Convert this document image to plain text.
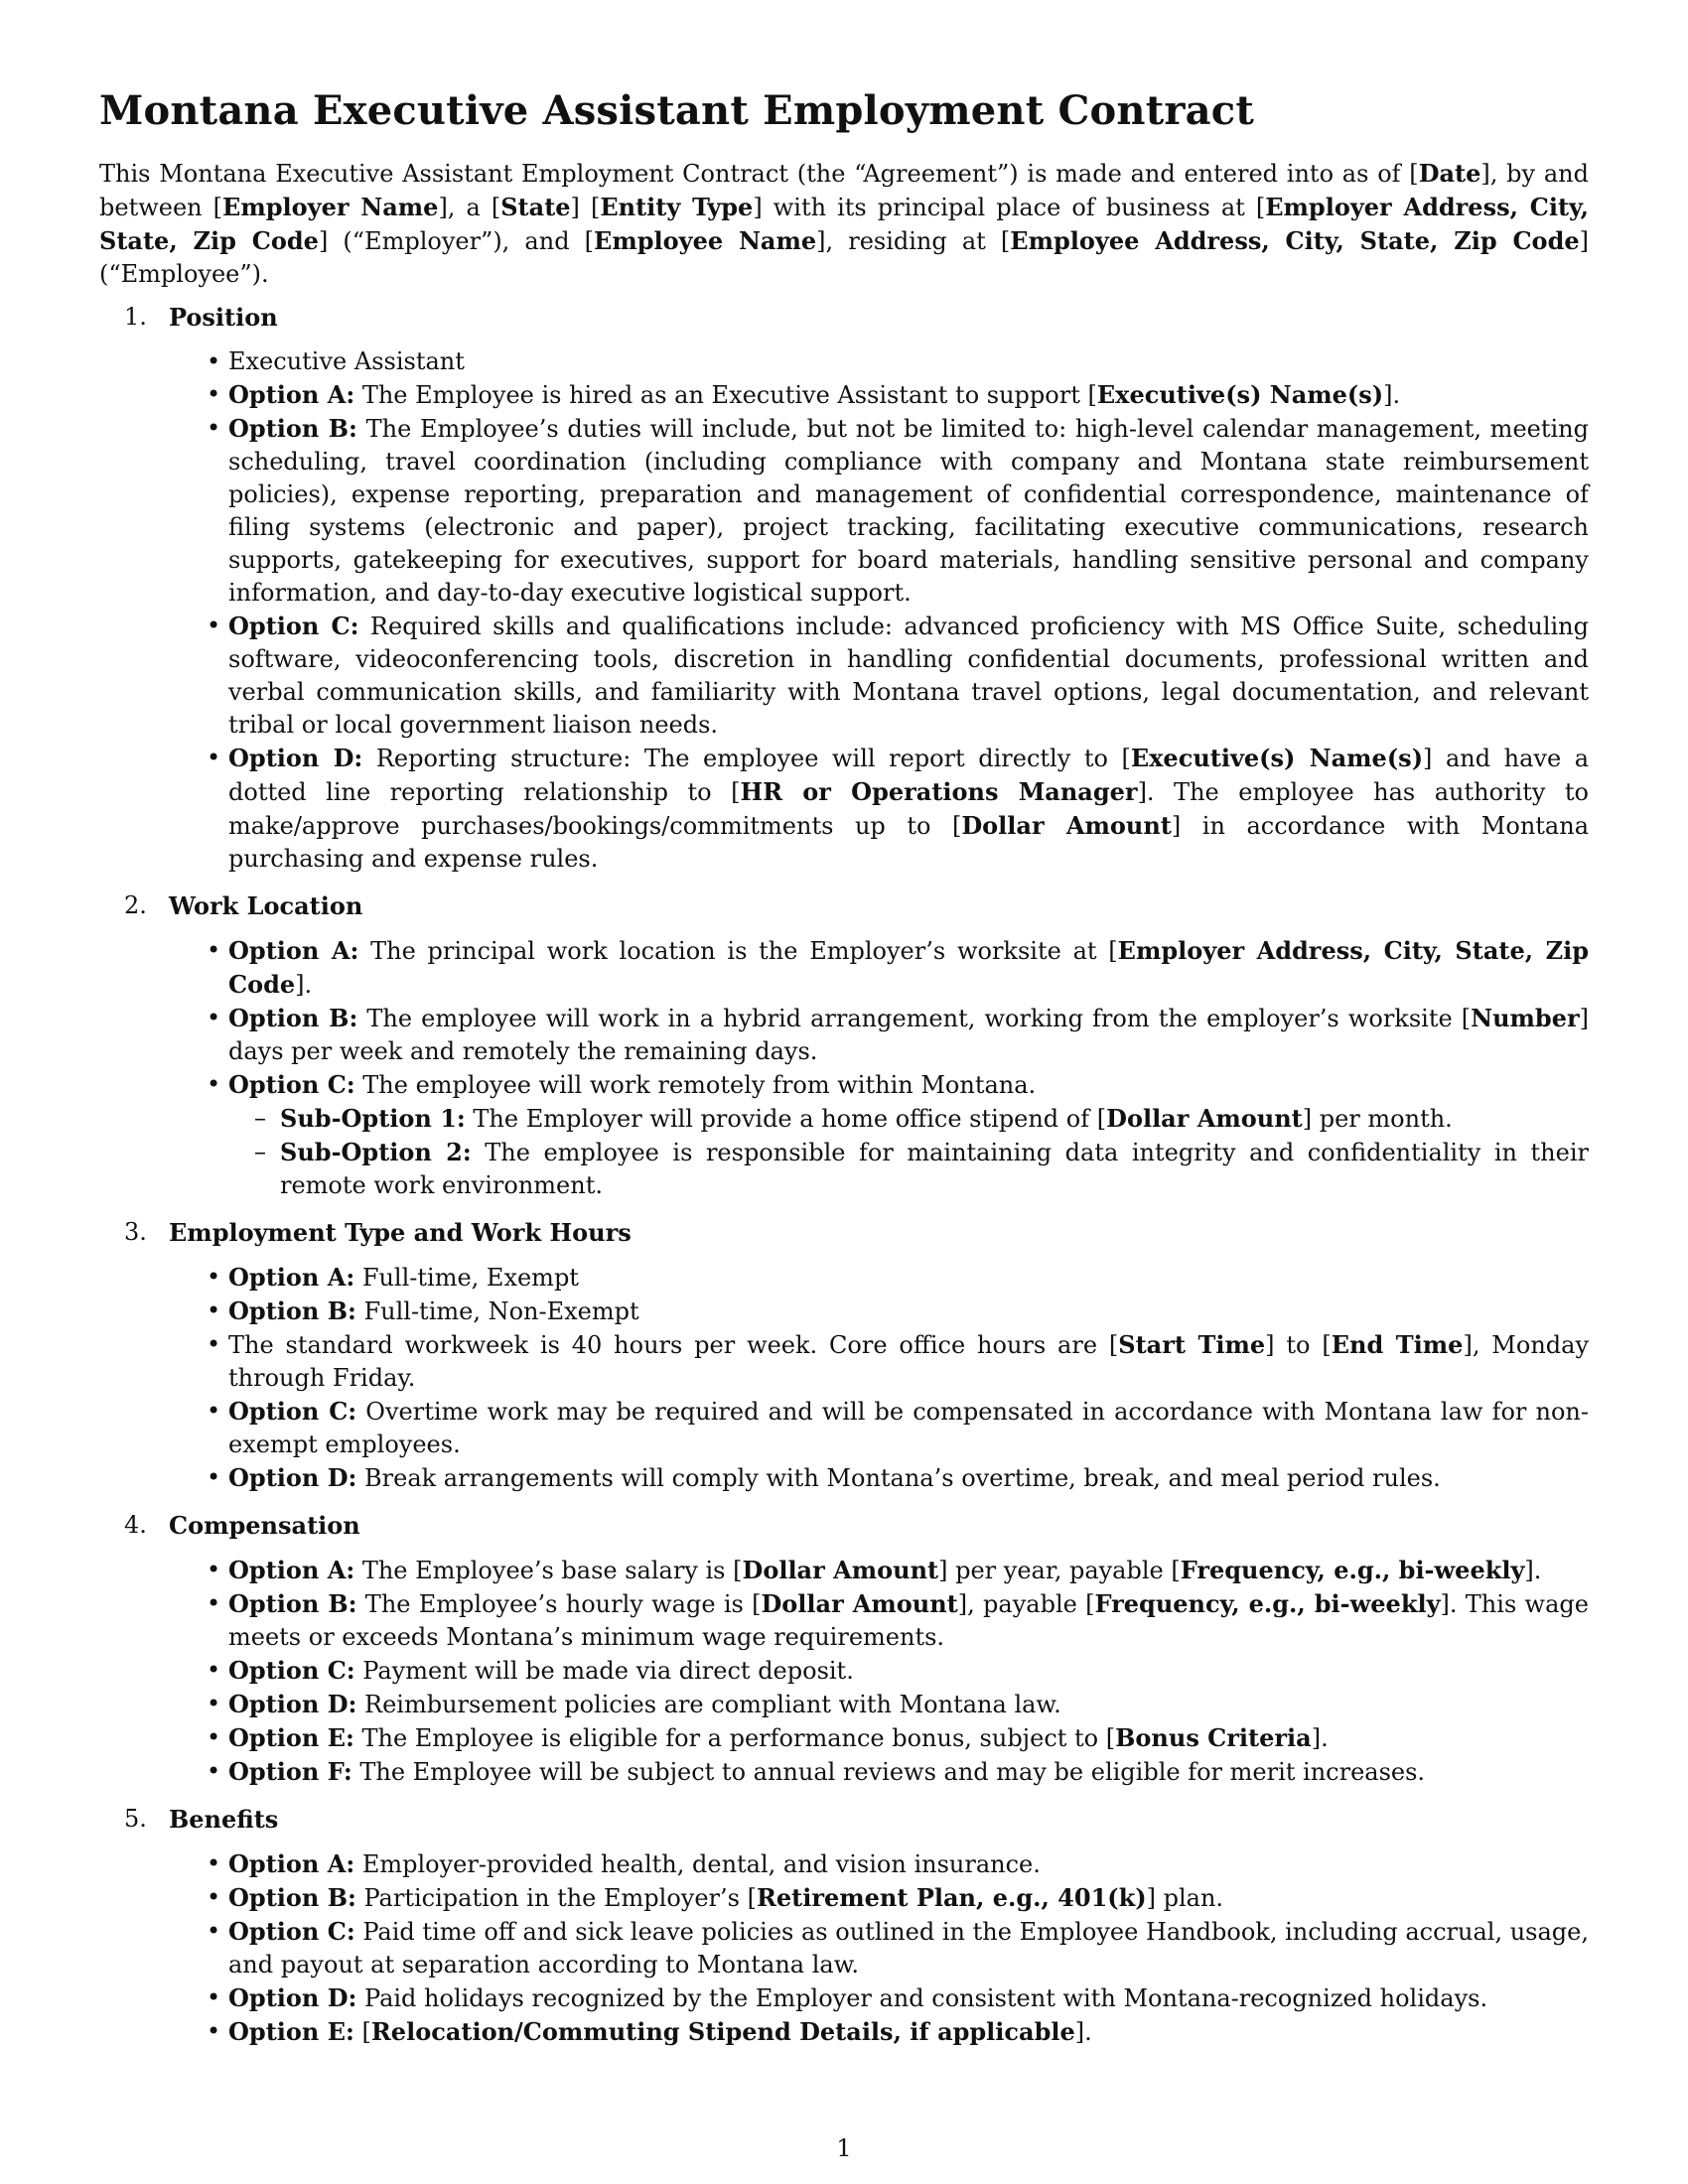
Montana Executive Assistant Employment Contract

This Montana Executive Assistant Employment Contract (the “Agreement”) is made and entered into as of [Date], by and between [Employer Name], a [State] [Entity Type] with its principal place of business at [Employer Address, City, State, Zip Code] (“Employer”), and [Employee Name], residing at [Employee Address, City, State, Zip Code] (“Employee”).

1. Position
• Executive Assistant
• Option A: The Employee is hired as an Executive Assistant to support [Executive(s) Name(s)].
• Option B: The Employee’s duties will include, but not be limited to: high-level calendar management, meeting scheduling, travel coordination (including compliance with company and Montana state reimbursement policies), expense reporting, preparation and management of confidential correspondence, maintenance of filing systems (electronic and paper), project tracking, facilitating executive communications, research supports, gatekeeping for executives, support for board materials, handling sensitive personal and company information, and day-to-day executive logistical support.
• Option C: Required skills and qualifications include: advanced proficiency with MS Office Suite, scheduling software, videoconferencing tools, discretion in handling confidential documents, professional written and verbal communication skills, and familiarity with Montana travel options, legal documentation, and relevant tribal or local government liaison needs.
• Option D: Reporting structure: The employee will report directly to [Executive(s) Name(s)] and have a dotted line reporting relationship to [HR or Operations Manager]. The employee has authority to make/approve purchases/bookings/commitments up to [Dollar Amount] in accordance with Montana purchasing and expense rules.
2. Work Location
• Option A: The principal work location is the Employer’s worksite at [Employer Address, City, State, Zip Code].
• Option B: The employee will work in a hybrid arrangement, working from the employer’s worksite [Number] days per week and remotely the remaining days.
• Option C: The employee will work remotely from within Montana.
– Sub-Option 1: The Employer will provide a home office stipend of [Dollar Amount] per month.
– Sub-Option 2: The employee is responsible for maintaining data integrity and confidentiality in their remote work environment.
3. Employment Type and Work Hours
• Option A: Full-time, Exempt
• Option B: Full-time, Non-Exempt
• The standard workweek is 40 hours per week. Core office hours are [Start Time] to [End Time], Monday through Friday.
• Option C: Overtime work may be required and will be compensated in accordance with Montana law for non-exempt employees.
• Option D: Break arrangements will comply with Montana’s overtime, break, and meal period rules.
4. Compensation
• Option A: The Employee’s base salary is [Dollar Amount] per year, payable [Frequency, e.g., bi-weekly].
• Option B: The Employee’s hourly wage is [Dollar Amount], payable [Frequency, e.g., bi-weekly]. This wage meets or exceeds Montana’s minimum wage requirements.
• Option C: Payment will be made via direct deposit.
• Option D: Reimbursement policies are compliant with Montana law.
• Option E: The Employee is eligible for a performance bonus, subject to [Bonus Criteria].
• Option F: The Employee will be subject to annual reviews and may be eligible for merit increases.
5. Benefits
• Option A: Employer-provided health, dental, and vision insurance.
• Option B: Participation in the Employer’s [Retirement Plan, e.g., 401(k)] plan.
• Option C: Paid time off and sick leave policies as outlined in the Employee Handbook, including accrual, usage, and payout at separation according to Montana law.
• Option D: Paid holidays recognized by the Employer and consistent with Montana-recognized holidays.
• Option E: [Relocation/Commuting Stipend Details, if applicable].
1
